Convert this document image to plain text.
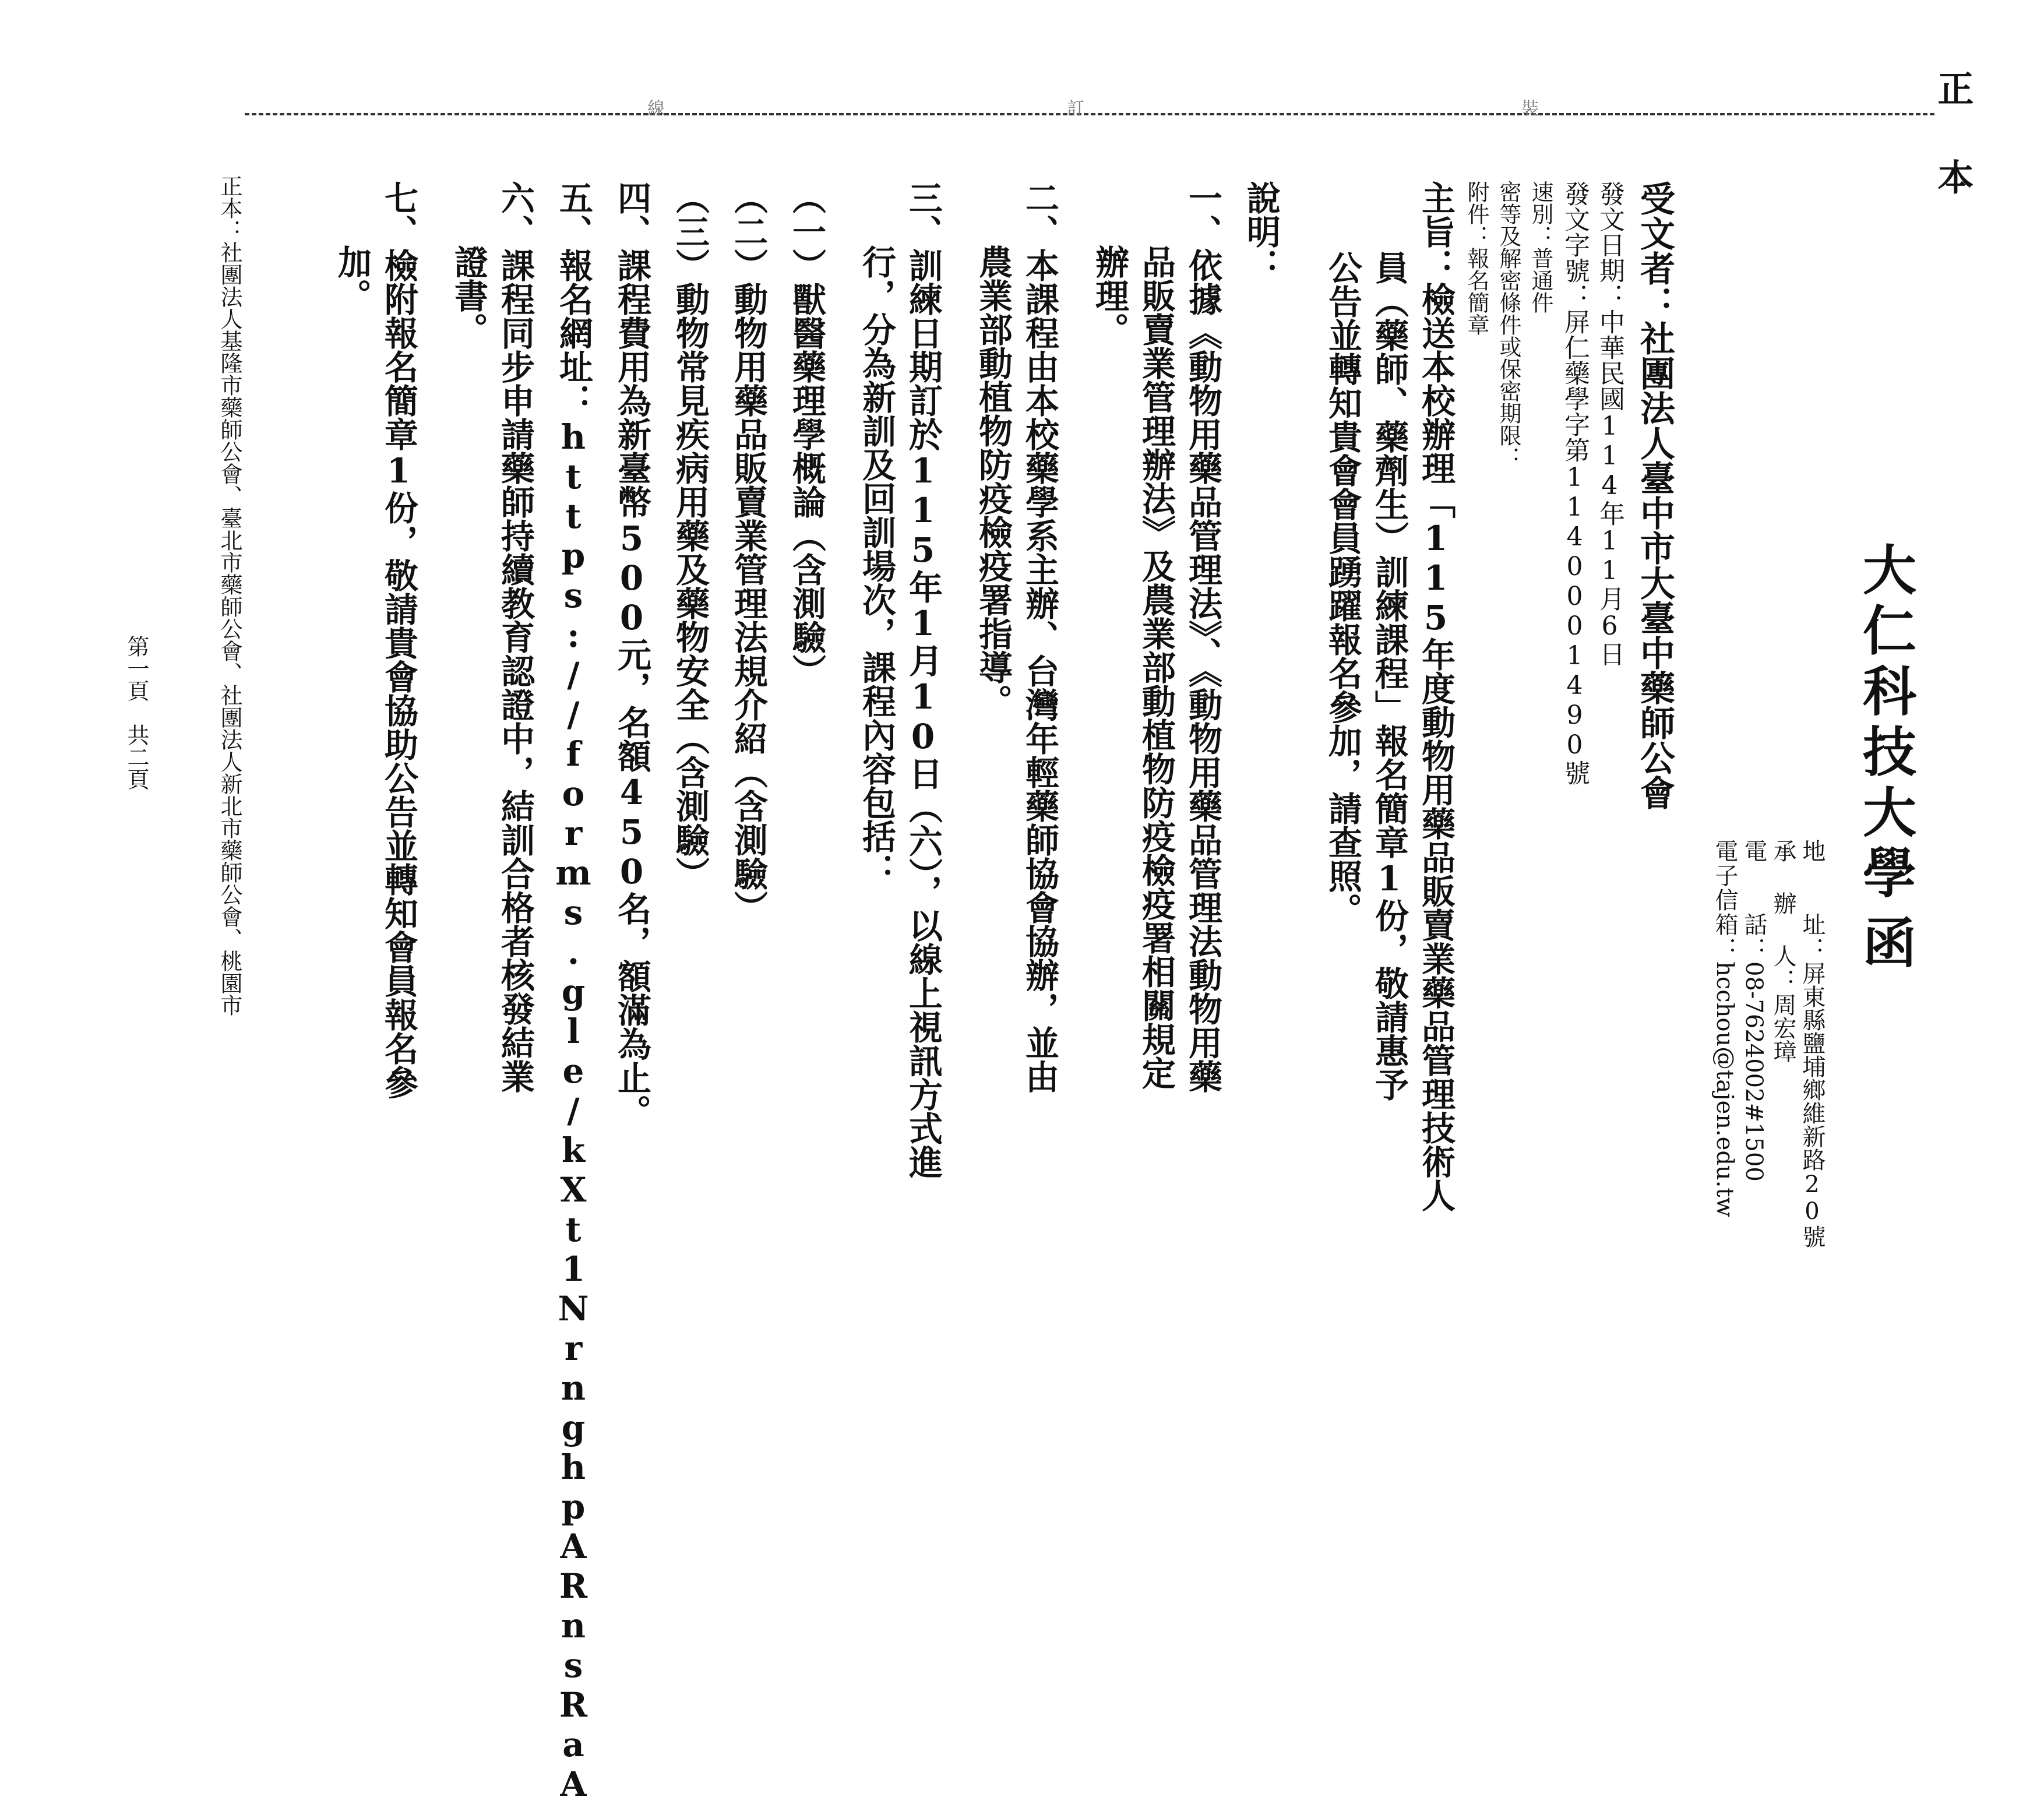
正本
裝
訂
線
大仁科技大學
函
地　　址：屏東縣鹽埔鄉維新路20號
承 辦 人：周宏璋
電　　話：08-7624002#1500
電子信箱：hcchou@tajen.edu.tw
受文者：社團法人臺中市大臺中藥師公會
發文日期：中華民國114年11月6日
發文字號：屏仁藥學字第1140001490號
速別：普通件
密等及解密條件或保密期限：
附件：報名簡章
主旨：檢送本校辦理「115年度動物用藥品販賣業藥品管理技術人
員（藥師、藥劑生）訓練課程」報名簡章1份，敬請惠予
公告並轉知貴會會員踴躍報名參加，請查照。
說明：
一、依據《動物用藥品管理法》、《動物用藥品管理法動物用藥
品販賣業管理辦法》及農業部動植物防疫檢疫署相關規定
辦理。
二、本課程由本校藥學系主辦、台灣年輕藥師協會協辦，並由
農業部動植物防疫檢疫署指導。
三、訓練日期訂於115年1月10日（六），以線上視訊方式進
行，分為新訓及回訓場次，課程內容包括：
（一）獸醫藥理學概論（含測驗）
（二）動物用藥品販賣業管理法規介紹（含測驗）
（三）動物常見疾病用藥及藥物安全（含測驗）
四、課程費用為新臺幣500元，名額450名，額滿為止。
五、報名網址：https://forms.gle/kXt1NrnghpARnsRaA
六、課程同步申請藥師持續教育認證中，結訓合格者核發結業
證書。
七、檢附報名簡章1份，敬請貴會協助公告並轉知會員報名參
加。
正本：社團法人基隆市藥師公會、臺北市藥師公會、社團法人新北市藥師公會、桃園市
第一頁　共二頁
